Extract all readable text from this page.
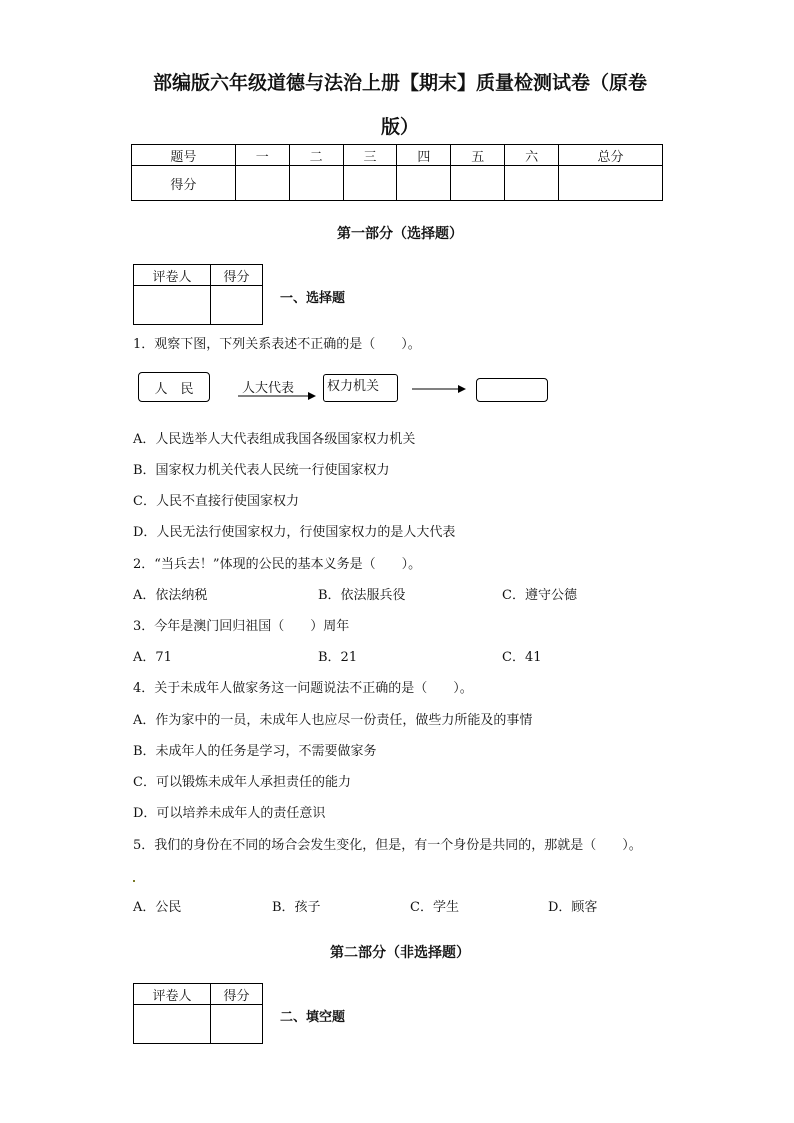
部编版六年级道德与法治上册【期末】质量检测试卷（原卷
版）
题号	一	二	三	四	五	六	总分
得分							
第一部分（选择题）
评卷人	得分

一、选择题
1．观察下图，下列关系表述不正确的是（　　）。
人　民	人大代表	权力机关
A．人民选举人大代表组成我国各级国家权力机关
B．国家权力机关代表人民统一行使国家权力
C．人民不直接行使国家权力
D．人民无法行使国家权力，行使国家权力的是人大代表
2．“当兵去！”体现的公民的基本义务是（　　）。
A．依法纳税	B．依法服兵役	C．遵守公德
3．今年是澳门回归祖国（　　）周年
A．71	B．21	C．41
4．关于未成年人做家务这一问题说法不正确的是（　　）。
A．作为家中的一员，未成年人也应尽一份责任，做些力所能及的事情
B．未成年人的任务是学习，不需要做家务
C．可以锻炼未成年人承担责任的能力
D．可以培养未成年人的责任意识
5．我们的身份在不同的场合会发生变化，但是，有一个身份是共同的，那就是（　　）。
A．公民	B．孩子	C．学生	D．顾客
第二部分（非选择题）
评卷人	得分

二、填空题
